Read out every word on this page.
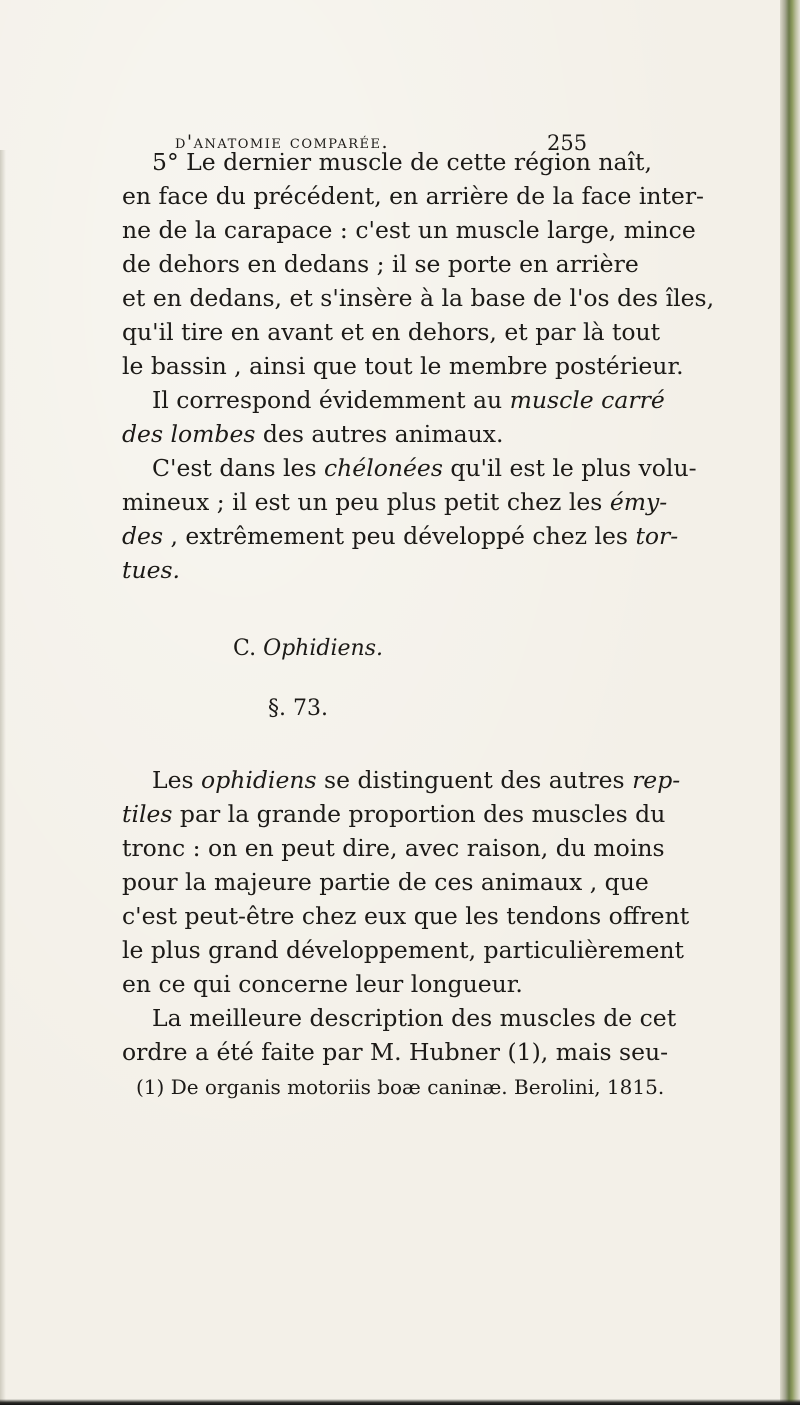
d'anatomie comparée.	255
5° Le dernier muscle de cette région naît,
en face du précédent, en arrière de la face inter-
ne de la carapace : c'est un muscle large, mince
de dehors en dedans ; il se porte en arrière
et en dedans, et s'insère à la base de l'os des îles,
qu'il tire en avant et en dehors, et par là tout
le bassin , ainsi que tout le membre postérieur.
Il correspond évidemment au muscle carré
des lombes des autres animaux.
C'est dans les chélonées qu'il est le plus volu-
mineux ; il est un peu plus petit chez les émy-
des , extrêmement peu développé chez les tor-
tues.
C. Ophidiens.
§. 73.
Les ophidiens se distinguent des autres rep-
tiles par la grande proportion des muscles du
tronc : on en peut dire, avec raison, du moins
pour la majeure partie de ces animaux , que
c'est peut-être chez eux que les tendons offrent
le plus grand développement, particulièrement
en ce qui concerne leur longueur.
La meilleure description des muscles de cet
ordre a été faite par M. Hubner (1), mais seu-
(1) De organis motoriis boæ caninæ. Berolini, 1815.
